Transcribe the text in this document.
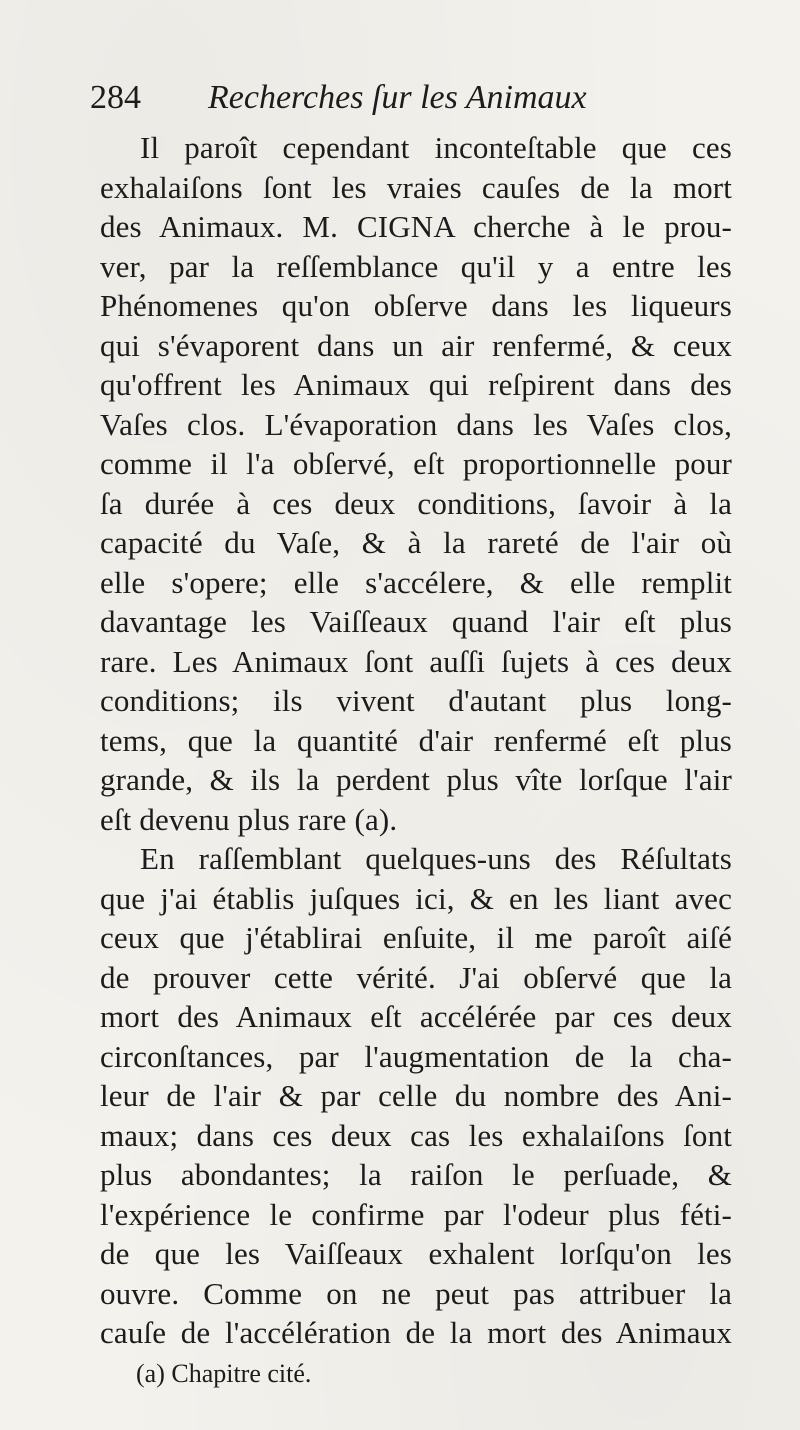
284 Recherches ſur les Animaux
Il paroît cependant inconteſtable que ces
exhalaiſons ſont les vraies cauſes de la mort
des Animaux. M. CIGNA cherche à le prou-
ver, par la reſſemblance qu'il y a entre les
Phénomenes qu'on obſerve dans les liqueurs
qui s'évaporent dans un air renfermé, & ceux
qu'offrent les Animaux qui reſpirent dans des
Vaſes clos. L'évaporation dans les Vaſes clos,
comme il l'a obſervé, eſt proportionnelle pour
ſa durée à ces deux conditions, ſavoir à la
capacité du Vaſe, & à la rareté de l'air où
elle s'opere; elle s'accélere, & elle remplit
davantage les Vaiſſeaux quand l'air eſt plus
rare. Les Animaux ſont auſſi ſujets à ces deux
conditions; ils vivent d'autant plus long-
tems, que la quantité d'air renfermé eſt plus
grande, & ils la perdent plus vîte lorſque l'air
eſt devenu plus rare (a).
En raſſemblant quelques-uns des Réſultats
que j'ai établis juſques ici, & en les liant avec
ceux que j'établirai enſuite, il me paroît aiſé
de prouver cette vérité. J'ai obſervé que la
mort des Animaux eſt accélérée par ces deux
circonſtances, par l'augmentation de la cha-
leur de l'air & par celle du nombre des Ani-
maux; dans ces deux cas les exhalaiſons ſont
plus abondantes; la raiſon le perſuade, &
l'expérience le confirme par l'odeur plus féti-
de que les Vaiſſeaux exhalent lorſqu'on les
ouvre. Comme on ne peut pas attribuer la
cauſe de l'accélération de la mort des Animaux
(a) Chapitre cité.
